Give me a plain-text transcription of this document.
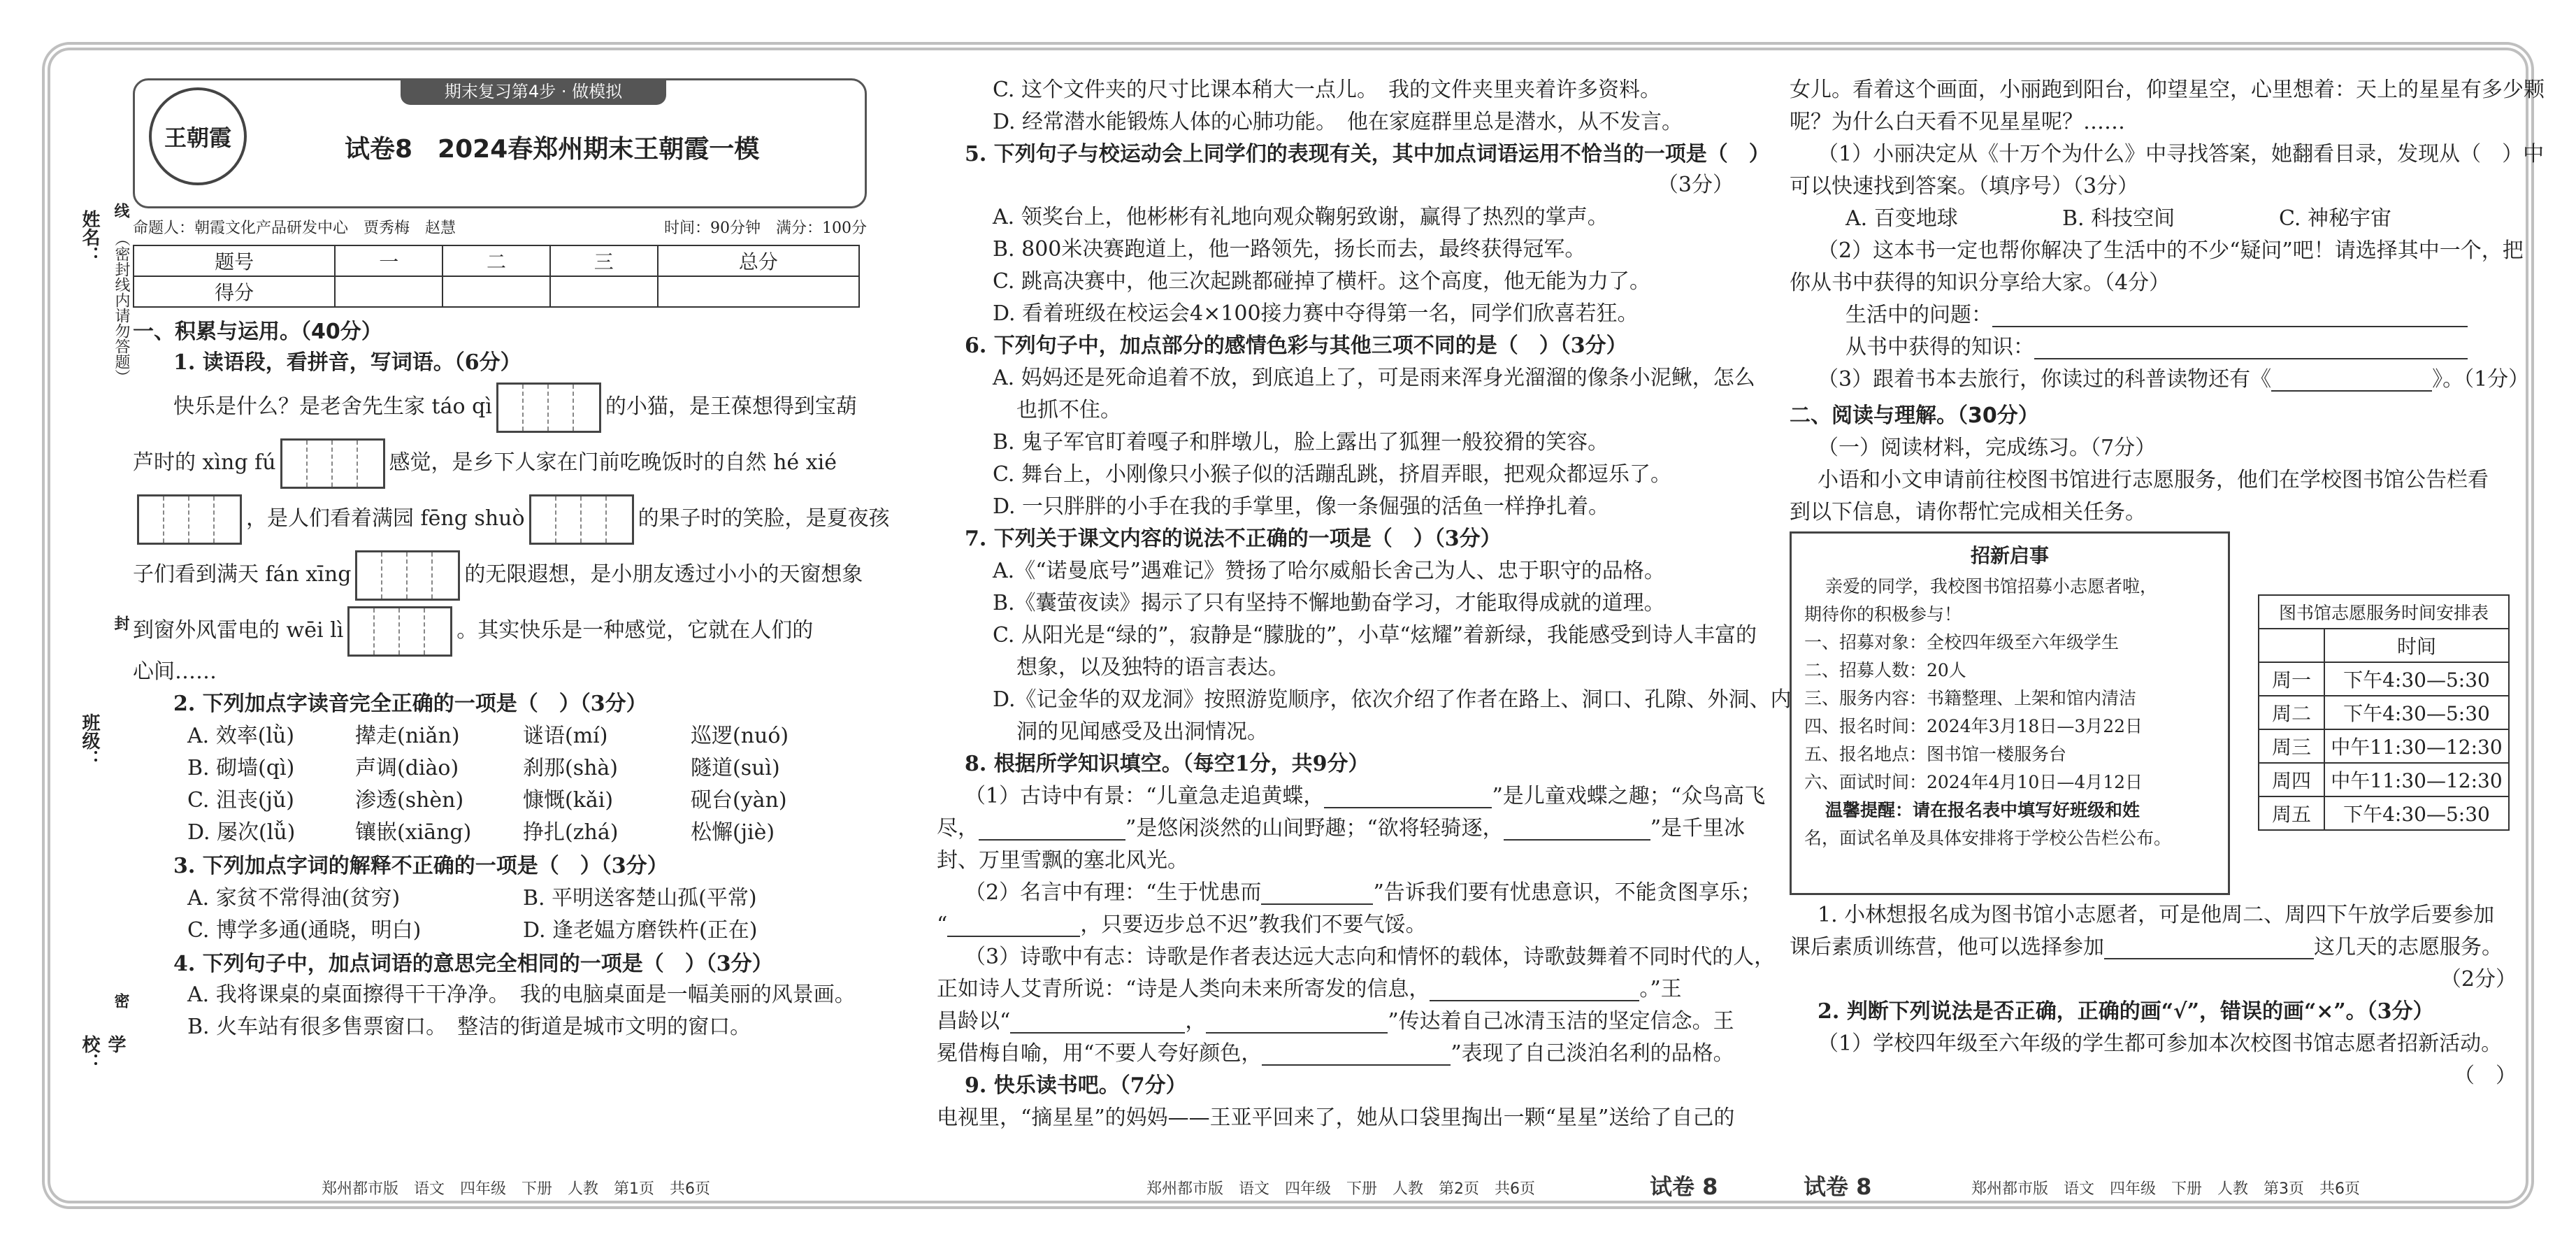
姓名：
班级：
学校：
（密封线内请勿答题）
线
封
密
期末复习第4步 · 做模拟
王朝霞	试卷8　2024春郑州期末王朝霞一模
命题人：朝霞文化产品研发中心　贾秀梅　赵慧	时间：90分钟　满分：100分
题号	一	二	三	总分
得分				
一、积累与运用。（40分）
1. 读语段，看拼音，写词语。（6分）
快乐是什么？是老舍先生家 táo qì	的小猫，是王葆想得到宝葫
芦时的 xìng fú	感觉，是乡下人家在门前吃晚饭时的自然 hé xié
，是人们看着满园 fēng shuò	的果子时的笑脸，是夏夜孩
子们看到满天 fán xīng	的无限遐想，是小朋友透过小小的天窗想象
到窗外风雷电的 wēi lì	。其实快乐是一种感觉，它就在人们的
心间……
2. 下列加点字读音完全正确的一项是（　）（3分）
A. 效率(lǜ)	撵走(niǎn)	谜语(mí)	巡逻(nuó)
B. 砌墙(qì)	声调(diào)	刹那(shà)	隧道(suì)
C. 沮丧(jǔ)	渗透(shèn)	慷慨(kǎi)	砚台(yàn)
D. 屡次(lǚ)	镶嵌(xiāng)	挣扎(zhá)	松懈(jiè)
3. 下列加点字词的解释不正确的一项是（　）（3分）
A. 家贫不常得油(贫穷)	B. 平明送客楚山孤(平常)
C. 博学多通(通晓，明白)	D. 逢老媪方磨铁杵(正在)
4. 下列句子中，加点词语的意思完全相同的一项是（　）（3分）
A. 我将课桌的桌面擦得干干净净。　我的电脑桌面是一幅美丽的风景画。
B. 火车站有很多售票窗口。　整洁的街道是城市文明的窗口。
C. 这个文件夹的尺寸比课本稍大一点儿。　我的文件夹里夹着许多资料。
D. 经常潜水能锻炼人体的心肺功能。　他在家庭群里总是潜水，从不发言。
5. 下列句子与校运动会上同学们的表现有关，其中加点词语运用不恰当的一项是（　）
（3分）
A. 领奖台上，他彬彬有礼地向观众鞠躬致谢，赢得了热烈的掌声。
B. 800米决赛跑道上，他一路领先，扬长而去，最终获得冠军。
C. 跳高决赛中，他三次起跳都碰掉了横杆。这个高度，他无能为力了。
D. 看着班级在校运会4×100接力赛中夺得第一名，同学们欣喜若狂。
6. 下列句子中，加点部分的感情色彩与其他三项不同的是（　）（3分）
A. 妈妈还是死命追着不放，到底追上了，可是雨来浑身光溜溜的像条小泥鳅，怎么
也抓不住。
B. 鬼子军官盯着嘎子和胖墩儿，脸上露出了狐狸一般狡猾的笑容。
C. 舞台上，小刚像只小猴子似的活蹦乱跳，挤眉弄眼，把观众都逗乐了。
D. 一只胖胖的小手在我的手掌里，像一条倔强的活鱼一样挣扎着。
7. 下列关于课文内容的说法不正确的一项是（　）（3分）
A.《“诺曼底号”遇难记》赞扬了哈尔威船长舍己为人、忠于职守的品格。
B.《囊萤夜读》揭示了只有坚持不懈地勤奋学习，才能取得成就的道理。
C. 从阳光是“绿的”，寂静是“朦胧的”，小草“炫耀”着新绿，我能感受到诗人丰富的
想象，以及独特的语言表达。
D.《记金华的双龙洞》按照游览顺序，依次介绍了作者在路上、洞口、孔隙、外洞、内
洞的见闻感受及出洞情况。
8. 根据所学知识填空。（每空1分，共9分）
（1）古诗中有景：“儿童急走追黄蝶，	”是儿童戏蝶之趣；“众鸟高飞
尽，	”是悠闲淡然的山间野趣；“欲将轻骑逐，	”是千里冰
封、万里雪飘的塞北风光。
（2）名言中有理：“生于忧患而	”告诉我们要有忧患意识，不能贪图享乐；
“	，只要迈步总不迟”教我们不要气馁。
（3）诗歌中有志：诗歌是作者表达远大志向和情怀的载体，诗歌鼓舞着不同时代的人，
正如诗人艾青所说：“诗是人类向未来所寄发的信息，	。”王
昌龄以“	，	”传达着自己冰清玉洁的坚定信念。王
冕借梅自喻，用“不要人夸好颜色，	”表现了自己淡泊名利的品格。
9. 快乐读书吧。（7分）
电视里，“摘星星”的妈妈——王亚平回来了，她从口袋里掏出一颗“星星”送给了自己的
女儿。看着这个画面，小丽跑到阳台，仰望星空，心里想着：天上的星星有多少颗
呢？为什么白天看不见星星呢？……
（1）小丽决定从《十万个为什么》中寻找答案，她翻看目录，发现从（　）中
可以快速找到答案。（填序号）（3分）
A. 百变地球	B. 科技空间	C. 神秘宇宙
（2）这本书一定也帮你解决了生活中的不少“疑问”吧！请选择其中一个，把
你从书中获得的知识分享给大家。（4分）
生活中的问题：
从书中获得的知识：
（3）跟着书本去旅行，你读过的科普读物还有《	》。（1分）
二、阅读与理解。（30分）
（一）阅读材料，完成练习。（7分）
小语和小文申请前往校图书馆进行志愿服务，他们在学校图书馆公告栏看
到以下信息，请你帮忙完成相关任务。
招新启事
亲爱的同学，我校图书馆招募小志愿者啦，
期待你的积极参与！
一、招募对象：全校四年级至六年级学生
二、招募人数：20人
三、服务内容：书籍整理、上架和馆内清洁
四、报名时间：2024年3月18日—3月22日
五、报名地点：图书馆一楼服务台
六、面试时间：2024年4月10日—4月12日
温馨提醒：请在报名表中填写好班级和姓
名，面试名单及具体安排将于学校公告栏公布。
图书馆志愿服务时间安排表	
	时间
周一	下午4:30—5:30
周二	下午4:30—5:30
周三	中午11:30—12:30
周四	中午11:30—12:30
周五	下午4:30—5:30
1. 小林想报名成为图书馆小志愿者，可是他周二、周四下午放学后要参加
课后素质训练营，他可以选择参加	这几天的志愿服务。
（2分）
2. 判断下列说法是否正确，正确的画“√”，错误的画“×”。（3分）
（1）学校四年级至六年级的学生都可参加本次校图书馆志愿者招新活动。
（　）
郑州都市版　语文　四年级　下册　人教　第1页　共6页	郑州都市版　语文　四年级　下册　人教　第2页　共6页	试卷 8	试卷 8	郑州都市版　语文　四年级　下册　人教　第3页　共6页
